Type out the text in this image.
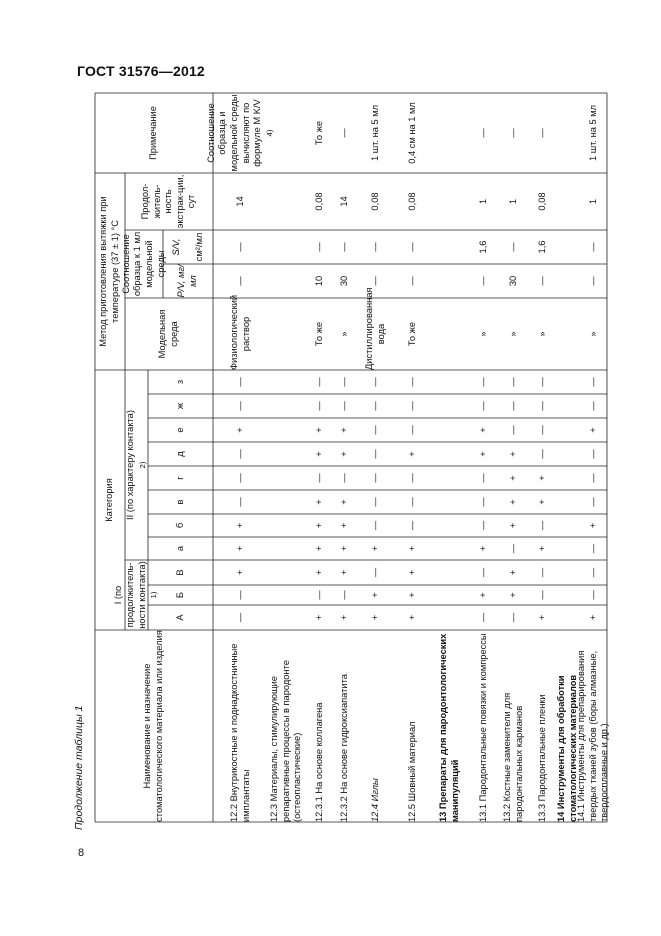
ГОСТ 31576—2012
Продолжение таблицы 1
8
Наименование и назначение стоматологического материала или изделия
Категория
I (по продолжитель-ности контакта) 1)
II (по характеру контакта) 2)
А
Б
В
а
б
в
г
д
е
ж
з
Метод приготовления вытяжки при температуре (37 ± 1) °С
Модельная среда
Соотношение образца к 1 мл модельной среды
P/V, мг/мл
S/V, см²/мл
Продол-житель-ность экстрак-ции, сут
Примечание
12.2 Внутрикостные и поднадкостничные имплантаты
—
—
+
+
+
—
—
—
+
—
—
Физиологический раствор
—
—
14
Соотношение образца и модельной среды вычисляют по формуле M K/V 4)
12.3 Материалы, стимулирующие репаративные процессы в пародонте (остеопластические)	12.3.1 На основе коллагена
+
—
+
+
+
+
—
+
+
—
—
То же
10
—
0,08
То же
12.3.2 На основе гидроксиапатита
+
—
+
+
+
+
—
+
+
—
—
»
30
—
14
—
12.4 Иглы
+
+
—
+
—
—
—
—
—
—
—
Дистиллированная вода
—
—
0,08
1 шт. на 5 мл
12.5 Шовный материал
+
+
+
+
—
—
—
+
—
—
—
То же
—
—
0,08
0,4 см на 1 мл
13 Препараты для пародонтологических манипуляций	13.1 Пародонтальные повязки и компрессы
—
+
—
+
—
—
—
+
+
—
—
»
—
1,6
1
—
13.2 Костные заменители для пародонтальных карманов
—
+
+
—
+
+
+
+
—
—
—
»
30
—
1
—
13.3 Пародонтальные пленки
+
—
—
+
—
+
+
—
—
—
—
»
—
1,6
0,08
—
14 Инструменты для обработки стоматологических материалов
14.1 Инструменты для препарирования твердых тканей зубов (боры алмазные, твердосплавные и др.)
+
—
—
—
+
—
—
—
+
—
—
»
—
—
1
1 шт. на 5 мл
